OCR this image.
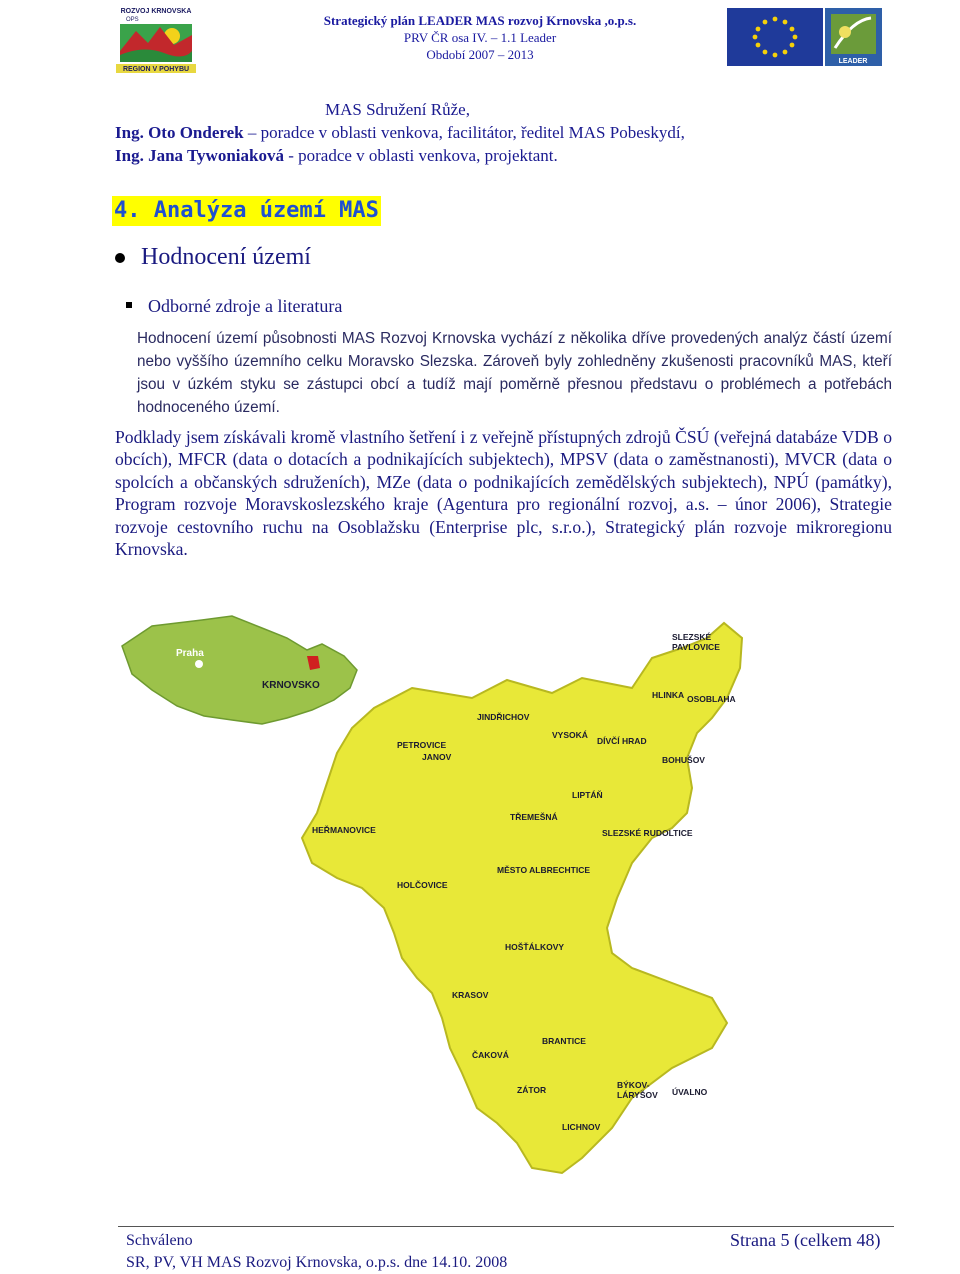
ROZVOJ KRNOVSKA
OPS
REGION V POHYBU
Strategický plán LEADER MAS rozvoj Krnovska ,o.p.s.
PRV ČR osa IV. – 1.1 Leader
Období 2007 – 2013	LEADER
MAS Sdružení Růže,
Ing. Oto Onderek – poradce v oblasti venkova, facilitátor, ředitel MAS Pobeskydí,
Ing. Jana Tywoniaková - poradce v oblasti venkova, projektant.
4. Analýza území MAS
Hodnocení území
Odborné zdroje a literatura
Hodnocení území působnosti MAS Rozvoj Krnovska vychází z několika dříve provedených analýz částí území nebo vyššího územního celku Moravsko Slezska. Zároveň byly zohledněny zkušenosti pracovníků MAS, kteří jsou v úzkém styku se zástupci obcí a tudíž mají poměrně přesnou představu o problémech a potřebách hodnoceného území.
Podklady jsem získávali kromě vlastního šetření i z veřejně přístupných zdrojů ČSÚ (veřejná databáze VDB o obcích), MFCR (data o dotacích a podnikajících subjektech), MPSV (data o zaměstnanosti), MVCR (data o spolcích a občanských sdruženích), MZe (data o podnikajících zemědělských subjektech), NPÚ (památky), Program rozvoje Moravskoslezského kraje (Agentura pro regionální rozvoj, a.s. – únor 2006), Strategie rozvoje cestovního ruchu na Osoblažsku (Enterprise plc, s.r.o.), Strategický plán rozvoje mikroregionu Krnovska.
Praha
KRNOVSKO
SLEZSKÉ PAVLOVICE
HLINKA OSOBLAHA
PETROVICE
JINDŘICHOV
VYSOKÁ
DÍVČÍ HRAD
JANOV	BOHUŠOV
LIPTÁŇ
TŘEMEŠNÁ
SLEZSKÉ RUDOLTICE
HEŘMANOVICE
MĚSTO ALBRECHTICE
HOLČOVICE
HOŠŤÁLKOVY
KRASOV
BRANTICE
ČAKOVÁ
ZÁTOR	BÝKOV-LÁRYŠOV ÚVALNO
LICHNOV
Schváleno
SR, PV, VH MAS Rozvoj Krnovska, o.p.s. dne 14.10. 2008
Strana 5 (celkem 48)
